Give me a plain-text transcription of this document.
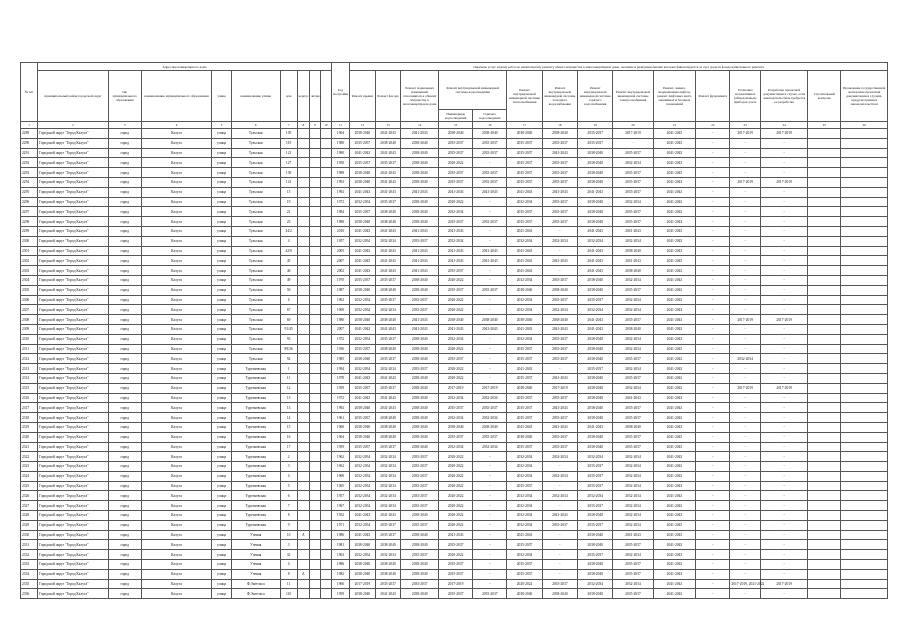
№ п/п	Адрес многоквартирного дома									Год постройки	Перечень услуг и (или) работ по капитальному ремонту общего имущества в многоквартирном доме, оказание и (или) выполнение которых финансируется за счет средств фонда капитального ремонта														
	муниципальный район/городской округ	тип муниципального образования	наименование муниципального образования	улица	наименование улицы	дом	корпус	литера			Ремонт крыши	Ремонт фасада	Ремонт подвальных помещений, относящихся к общему имуществу в многоквартирном доме	Ремонт внутридомовой инженерной системы водоотведения		Ремонт внутридомовой инженерной системы теплоснабжения	Ремонт внутридомовой инженерной системы холодного водоснабжения	Ремонт внутридомовой инженерной системы горячего водоснабжения	Ремонт внутридомовой инженерной системы электроснабжения	Ремонт, замена, модернизация лифтов, ремонт лифтовых шахт, машинных и блочных помещений	Ремонт фундамента	Установка коллективных (общедомовых) приборов учета	Разработка проектной документации в случае, если законодательством требуется ее разработка	Строительный контроль	Проведение государственной экспертизы проектной документации в случаях, предусмотренных законодательством
														Инженерные водоотведения	Горячего водоотведения										
1	2	3	4	5	6	7	8	9	10	11	12	13	14	15	16	17	18	19	20	21	22	23	24	25	26
2289	Городской округ "Город Калуга"	город	Калуга	улица	Тульская	105				1964	2038-2040	2041-2043	2041-2043	2038-2040	2038-2040	2038-2040	2038-2040	2035-2037	2017-2019	2041-2043	-	2017-2019	2017-2019		
2290	Городской округ "Город Калуга"	город	Калуга	улица	Тульская	119				1980	2035-2037	2038-2040	2038-2040	2035-2037	2035-2037	2035-2037	2035-2037	2035-2037	-	2041-2043	-	-	-		
2291	Городской округ "Город Калуга"	город	Калуга	улица	Тульская	121				1980	2041-2043	2041-2043	2038-2040	2035-2037	2035-2037	2035-2037	2041-2043	2038-2040	2035-2037	2041-2043	-	-	-		
2292	Городской округ "Город Калуга"	город	Калуга	улица	Тульская	127				1950	2035-2037	2035-2037	2038-2040	2020-2022	-	2035-2037	2035-2037	2038-2040	2032-2034	2041-2043	-	-	-		
2293	Городской округ "Город Калуга"	город	Калуга	улица	Тульская	139				1988	2038-2040	2041-2043	2038-2040	2035-2037	2035-2037	2035-2037	2035-2037	2038-2040	2035-2037	2041-2043	-	-	-		
2294	Городской округ "Город Калуга"	город	Калуга	улица	Тульская	141				1992	2038-2040	2041-2043	2038-2040	2035-2037	2035-2037	2035-2037	2035-2037	2038-2040	2035-2037	2041-2043	-	2017-2019	2017-2019		
2295	Городской округ "Город Калуга"	город	Калуга	улица	Тульская	15				1992	2041-2043	2041-2043	2041-2043	2041-2043	2041-2043	2041-2043	2041-2043	2041-2043	2035-2037	2041-2043	-	-	-		
2296	Городской округ "Город Калуга"	город	Калуга	улица	Тульская	19				1972	2032-2034	2035-2037	2038-2040	2020-2022	-	2032-2034	2035-2037	2038-2040	2032-2034	2041-2043	-	-	-		
2297	Городской округ "Город Калуга"	город	Калуга	улица	Тульская	21				1984	2035-2037	2038-2040	2038-2040	2032-2034	-	2035-2037	2035-2037	2038-2040	2035-2037	2041-2043	-	-	-		
2298	Городской округ "Город Калуга"	город	Калуга	улица	Тульская	23				1988	2038-2040	2038-2040	2038-2040	2035-2037	2035-2037	2035-2037	2035-2037	2038-2040	2035-2037	2041-2043	-	-	-		
2299	Городской округ "Город Калуга"	город	Калуга	улица	Тульская	34/2				2010	2041-2043	2041-2043	2041-2043	2041-2043	-	2041-2043	-	2041-2043	2041-2043	2041-2043	-	-	-		
2300	Городской округ "Город Калуга"	город	Калуга	улица	Тульская	4				1957	2032-2034	2032-2034	2035-2037	2032-2034	-	2032-2034	2032-2034	2032-2034	2032-2034	2041-2043	-	-	-		
2301	Городской округ "Город Калуга"	город	Калуга	улица	Тульская	42/9				2005	2041-2043	2041-2043	2041-2043	2041-2043	2041-2043	2041-2043	-	2041-2043	2038-2040	2041-2043	-	-	-		
2302	Городской округ "Город Калуга"	город	Калуга	улица	Тульская	45				2007	2041-2043	2041-2043	2041-2043	2041-2043	2041-2043	2041-2043	2041-2043	2041-2043	2041-2043	2041-2043	-	-	-		
2303	Городской округ "Город Калуга"	город	Калуга	улица	Тульская	46				2002	2041-2043	2041-2043	2041-2043	2035-2037	-	2041-2043	-	2041-2043	2038-2040	2041-2043	-	-	-		
2304	Городской округ "Город Калуга"	город	Калуга	улица	Тульская	49				1970	2035-2037	2035-2037	2038-2040	2020-2022	-	2032-2034	2035-2037	2038-2040	2032-2034	2041-2043	-	-	-		
2305	Городской округ "Город Калуга"	город	Калуга	улица	Тульская	50				1987	2038-2040	2038-2040	2038-2040	2035-2037	2035-2037	2038-2040	2038-2040	2038-2040	2035-2037	2041-2043	-	-	-		
2306	Городской округ "Город Калуга"	город	Калуга	улица	Тульская	6				1962	2032-2034	2035-2037	2035-2037	2020-2022	-	2032-2034	2035-2037	2035-2037	2032-2034	2041-2043	-	-	-		
2307	Городской округ "Город Калуга"	город	Калуга	улица	Тульская	67				1969	2032-2034	2032-2034	2035-2037	2020-2022	-	2032-2034	2032-2034	2032-2034	2032-2034	2041-2043	-	-	-		
2308	Городской округ "Город Калуга"	город	Калуга	улица	Тульская	69				1980	2038-2040	2038-2040	2041-2043	2038-2040	2038-2040	2038-2040	2038-2040	2041-2043	2035-2037	2041-2043	-	2017-2019	2017-2019		
2309	Городской округ "Город Калуга"	город	Калуга	улица	Тульская	91/45				2007	2041-2043	2041-2043	2041-2043	2041-2043	2041-2043	2041-2043	2041-2043	2041-2043	2038-2040	2041-2043	-	-	-		
2310	Городской округ "Город Калуга"	город	Калуга	улица	Тульская	93				1972	2032-2034	2035-2037	2038-2040	2032-2034	-	2032-2034	2035-2037	2038-2040	2032-2034	2041-2043	-	-	-		
2311	Городской округ "Город Калуга"	город	Калуга	улица	Тульская	89/26				1936	2035-2037	2038-2040	2038-2040	2020-2022	-	2035-2037	2035-2037	2038-2040	2032-2034	2041-2043	-	-	-		
2312	Городской округ "Город Калуга"	город	Калуга	улица	Тульская	92				1985	2038-2040	2035-2037	2038-2040	2035-2037	-	2035-2037	2035-2037	2038-2040	2035-2037	2041-2043	-	2032-2034	-		
2313	Городской округ "Город Калуга"	город	Калуга	улица	Тургеневская	1				1994	2032-2034	2032-2034	2035-2037	2020-2022	-	2041-2043	-	2035-2037	2032-2034	2041-2043	-	-	-		
2314	Городской округ "Город Калуга"	город	Калуга	улица	Тургеневская	11				1978	2041-2043	2041-2043	2038-2040	2020-2022	-	2035-2037	2041-2043	2038-2040	2035-2037	2041-2043	-	-	-		
2315	Городской округ "Город Калуга"	город	Калуга	улица	Тургеневская	12				1959	2035-2037	2035-2037	2038-2040	2017-2019	2017-2019	2038-2040	2017-2019	2038-2040	2032-2034	2041-2043	-	2017-2019	2017-2019		
2316	Городской округ "Город Калуга"	город	Калуга	улица	Тургеневская	13				1972	2041-2043	2041-2043	2038-2040	2032-2034	2032-2034	2035-2037	2035-2037	2038-2040	2041-2043	2041-2043	-	-	-		
2317	Городской округ "Город Калуга"	город	Калуга	улица	Тургеневская	13				1992	2038-2040	2041-2043	2038-2040	2035-2037	2035-2037	2035-2037	2041-2043	2038-2040	2035-2037	2041-2043	-	-	-		
2318	Городской округ "Город Калуга"	город	Калуга	улица	Тургеневская	14				1961	2035-2037	2038-2040	2038-2040	2032-2034	2032-2034	2035-2037	2035-2037	2038-2040	2035-2037	2041-2043	-	-	-		
2319	Городской округ "Город Калуга"	город	Калуга	улица	Тургеневская	15				1960	2038-2040	2038-2040	2038-2040	2038-2040	2038-2040	2041-2043	2041-2043	2041-2043	2038-2040	2041-2043	-	-	-		
2320	Городской округ "Город Калуга"	город	Калуга	улица	Тургеневская	16				1964	2038-2040	2038-2040	2038-2040	2035-2037	2035-2037	2038-2040	2035-2037	2038-2040	2035-2037	2041-2043	-	-	-		
2321	Городской округ "Город Калуга"	город	Калуга	улица	Тургеневская	17				1959	2035-2037	2035-2037	2038-2040	2032-2034	2032-2034	2035-2037	2035-2037	2038-2040	2035-2037	2041-2043	-	-	-		
2322	Городской округ "Город Калуга"	город	Калуга	улица	Тургеневская	2				1962	2032-2034	2032-2034	2035-2037	2020-2022	-	2032-2034	2032-2034	2032-2034	2032-2034	2041-2043	-	-	-		
2323	Городской округ "Город Калуга"	город	Калуга	улица	Тургеневская	3				1962	2032-2034	2032-2034	2035-2037	2020-2022	-	2032-2034	-	2035-2037	2032-2034	2041-2043	-	-	-		
2324	Городской округ "Город Калуга"	город	Калуга	улица	Тургеневская	4				1968	2032-2034	2032-2034	2035-2037	2020-2022	-	2032-2034	2032-2034	2035-2037	2032-2034	2041-2043	-	-	-		
2325	Городской округ "Город Калуга"	город	Калуга	улица	Тургеневская	5				1965	2032-2034	2032-2034	2035-2037	2020-2022	-	2035-2037	-	2035-2037	2032-2034	2041-2043	-	-	-		
2326	Городской округ "Город Калуга"	город	Калуга	улица	Тургеневская	6				1957	2032-2034	2032-2034	2035-2037	2020-2022	-	2032-2034	2032-2034	2032-2034	2032-2034	2041-2043	-	-	-		
2327	Городской округ "Город Калуга"	город	Калуга	улица	Тургеневская	7				1967	2032-2034	2032-2034	2035-2037	2020-2022	-	2032-2034	-	2035-2037	2032-2034	2041-2043	-	-	-		
2328	Городской округ "Город Калуга"	город	Калуга	улица	Тургеневская	8				1952	2041-2043	2041-2043	2038-2040	2020-2022	-	2032-2034	2041-2043	2038-2040	2032-2034	2041-2043	-	-	-		
2329	Городской округ "Город Калуга"	город	Калуга	улица	Тургеневская	9				1971	2032-2034	2035-2037	2035-2037	2020-2022	-	2032-2034	2035-2037	2035-2037	2032-2034	2041-2043	-	-	-		
2330	Городской округ "Город Калуга"	город	Калуга	улица	Ученая	10	А			1986	2041-2043	2035-2037	2038-2040	2041-2043	-	2041-2043	-	2038-2040	2041-2043	2041-2043	-	-	-		
2331	Городской округ "Город Калуга"	город	Калуга	улица	Ученая	3				1981	2038-2040	2038-2040	2038-2040	2035-2037	-	2035-2037	-	2038-2040	2035-2037	2041-2043	-	-	-		
2332	Городской округ "Город Калуга"	город	Калуга	улица	Ученая	32				1963	2032-2034	2032-2034	2035-2037	2020-2022	-	2032-2034	-	2035-2037	2032-2034	2041-2043	-	-	-		
2333	Городской округ "Город Калуга"	город	Калуга	улица	Ученая	4				1986	2038-2040	2038-2040	2038-2040	2035-2037	-	2035-2037	-	2038-2040	2035-2037	2041-2043	-	-	-		
2334	Городской округ "Город Калуга"	город	Калуга	улица	Ученая	8	А			1982	2038-2040	2038-2040	2038-2040	2035-2037	-	2035-2037	-	2038-2040	2035-2037	2041-2043	-	-	-		
2335	Городской округ "Город Калуга"	город	Калуга	улица	Ф.Энгельса	11				1960	2017-2019	2035-2037	2035-2037	2017-2019	-	2020-2022	2035-2037	2032-2034	2032-2034	2041-2043	-	2017-2019, 2021-2022	2017-2019		
2336	Городской округ "Город Калуга"	город	Калуга	улица	Ф.Энгельса	110				1959	2038-2040	2041-2043	2038-2040	2035-2037	2035-2037	2038-2040	2038-2040	2038-2040	2035-2037	2041-2043	-	-	-		
